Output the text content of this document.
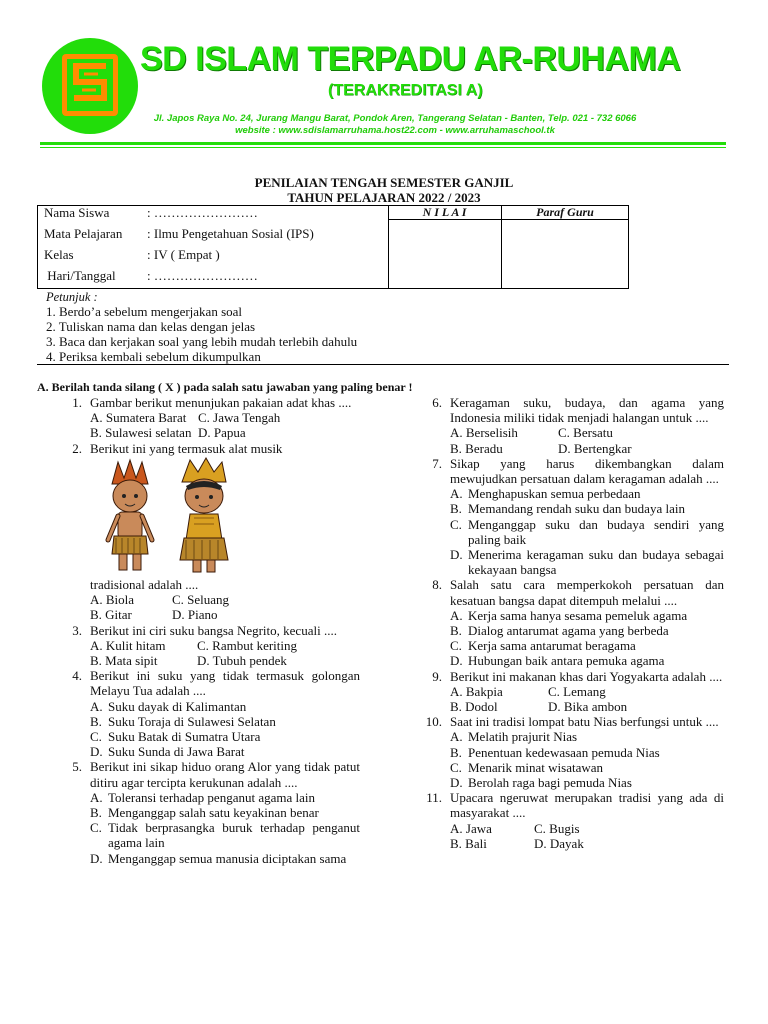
SD ISLAM TERPADU AR-RUHAMA
(TERAKREDITASI A)
Jl. Japos Raya No. 24, Jurang Mangu Barat, Pondok Aren, Tangerang Selatan - Banten, Telp. 021 - 732 6066
website : www.sdislamarruhama.host22.com - www.arruhamaschool.tk
PENILAIAN TENGAH SEMESTER GANJIL
TAHUN PELAJARAN 2022 / 2023
N I L A I	Paraf Guru
Nama Siswa	: ……………………
Mata Pelajaran : Ilmu Pengetahuan Sosial (IPS)
Kelas	: IV ( Empat )
Hari/Tanggal : ……………………
Petunjuk :
1. Berdo’a sebelum mengerjakan soal
2. Tuliskan nama dan kelas dengan jelas
3. Baca dan kerjakan soal yang lebih mudah terlebih dahulu
4. Periksa kembali sebelum dikumpulkan
A. Berilah tanda silang ( X ) pada salah satu jawaban yang paling benar !
1. Gambar berikut menunjukan pakaian adat khas ....
A. Sumatera Barat C. Jawa Tengah
B. Sulawesi selatan D. Papua
2. Berikut ini yang termasuk alat musik
tradisional adalah ....
A. Biola	C. Seluang
B. Gitar	D. Piano
3. Berikut ini ciri suku bangsa Negrito, kecuali ....
A. Kulit hitam C. Rambut keriting
B. Mata sipit	D. Tubuh pendek
4. Berikut ini suku yang tidak termasuk golongan Melayu Tua adalah ....
A. Suku dayak di Kalimantan
B. Suku Toraja di Sulawesi Selatan
C. Suku Batak di Sumatra Utara
D. Suku Sunda di Jawa Barat
5. Berikut ini sikap hiduo orang Alor yang tidak patut ditiru agar tercipta kerukunan adalah ....
A. Toleransi terhadap penganut agama lain
B. Menganggap salah satu keyakinan benar
C. Tidak berprasangka buruk terhadap penganut agama lain
D. Menganggap semua manusia diciptakan sama
6. Keragaman suku, budaya, dan agama yang Indonesia miliki tidak menjadi halangan untuk ....
A. Berselisih	C. Bersatu
B. Beradu	D. Bertengkar
7. Sikap yang harus dikembangkan dalam mewujudkan persatuan dalam keragaman adalah ....
A. Menghapuskan semua perbedaan
B. Memandang rendah suku dan budaya lain
C. Menganggap suku dan budaya sendiri yang paling baik
D. Menerima keragaman suku dan budaya sebagai kekayaan bangsa
8. Salah satu cara memperkokoh persatuan dan kesatuan bangsa dapat ditempuh melalui ....
A. Kerja sama hanya sesama pemeluk agama
B. Dialog antarumat agama yang berbeda
C. Kerja sama antarumat beragama
D. Hubungan baik antara pemuka agama
9. Berikut ini makanan khas dari Yogyakarta adalah ....
A. Bakpia	C. Lemang
B. Dodol	D. Bika ambon
10. Saat ini tradisi lompat batu Nias berfungsi untuk ....
A. Melatih prajurit Nias
B. Penentuan kedewasaan pemuda Nias
C. Menarik minat wisatawan
D. Berolah raga bagi pemuda Nias
11. Upacara ngeruwat merupakan tradisi yang ada di masyarakat ....
A. Jawa	C. Bugis
B. Bali	D. Dayak
